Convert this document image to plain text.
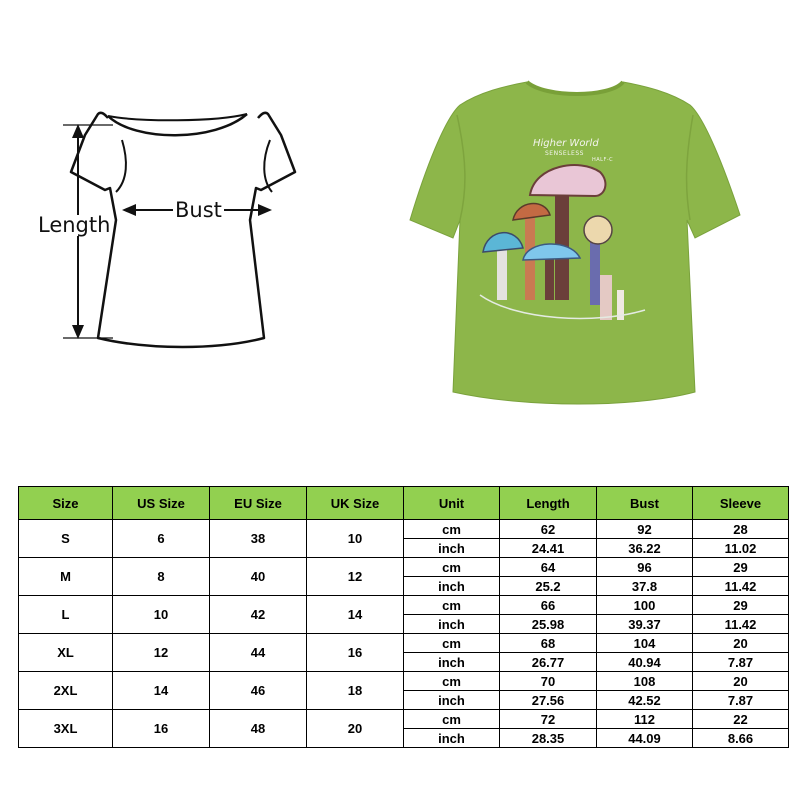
Length
Bust
Higher World
SENSELESS
HALF-C
Size	US Size	EU Size	UK Size	Unit	Length	Bust	Sleeve
S	6	38	10	cm	62	92	28
				inch	24.41	36.22	11.02
M	8	40	12	cm	64	96	29
				inch	25.2	37.8	11.42
L	10	42	14	cm	66	100	29
				inch	25.98	39.37	11.42
XL	12	44	16	cm	68	104	20
				inch	26.77	40.94	7.87
2XL	14	46	18	cm	70	108	20
				inch	27.56	42.52	7.87
3XL	16	48	20	cm	72	112	22
				inch	28.35	44.09	8.66
